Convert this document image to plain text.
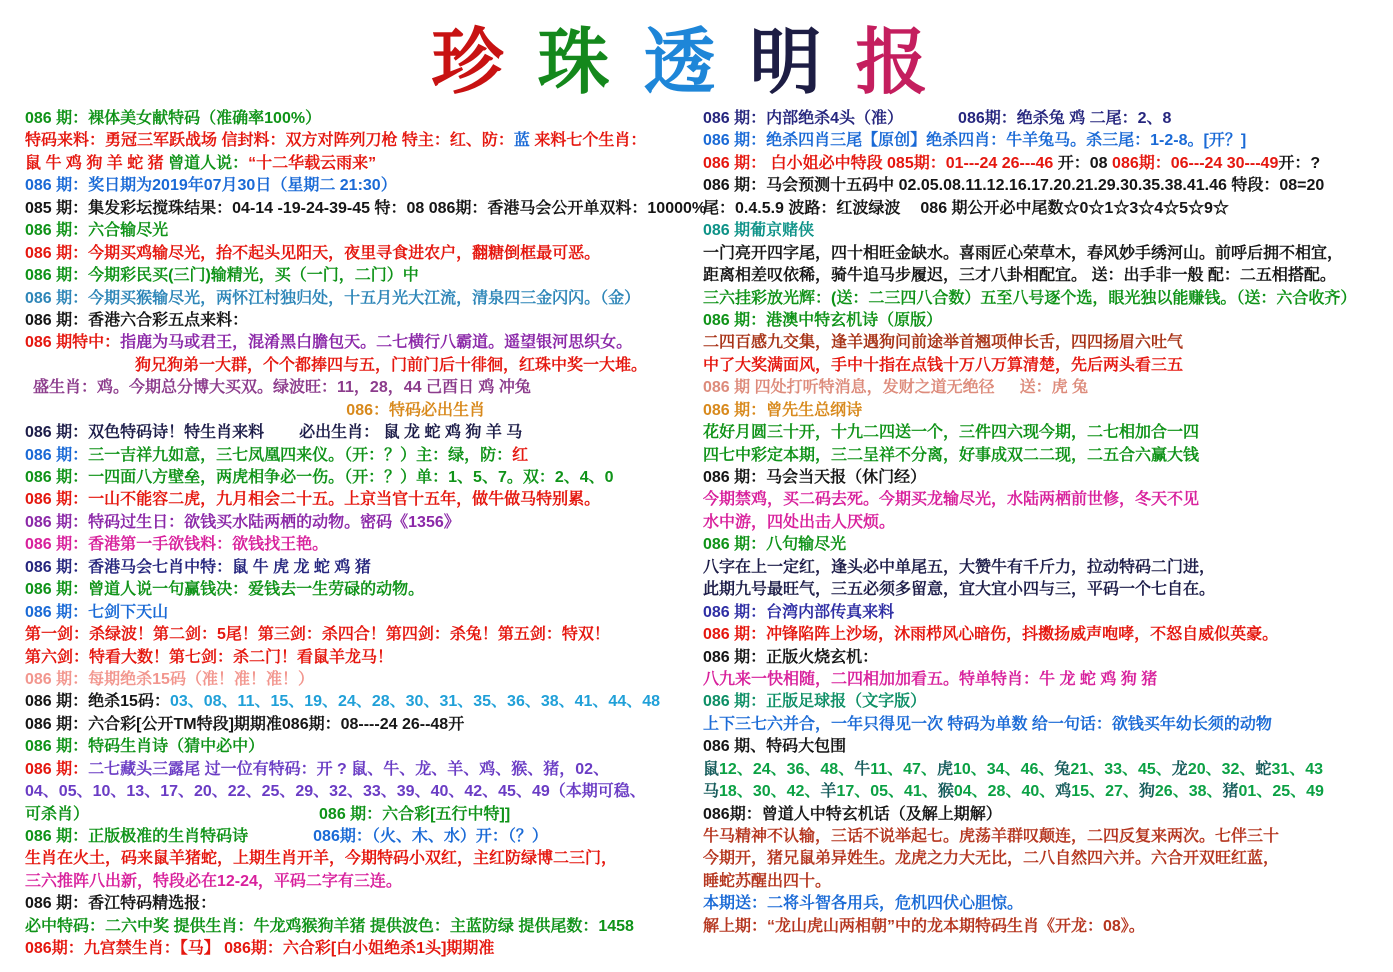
珍珠透明报
086 期：裸体美女献特码（准确率100%）
特码来料：勇冠三军跃战场 信封料：双方对阵列刀枪 特主：红、防：蓝 来料七个生肖：
鼠 牛 鸡 狗 羊 蛇 猪 曾道人说：“十二华载云雨来”
086 期：奖日期为2019年07月30日（星期二 21:30）
085 期：集发彩坛搅珠结果：04-14 -19-24-39-45 特：08 086期：香港马会公开单双料：10000%
086 期：六合输尽光
086 期：今期买鸡输尽光，抬不起头见阳天，夜里寻食进农户，翻糖倒框最可恶。
086 期：今期彩民买(三门)输精光，买（一门，二门）中
086 期：今期买猴输尽光，两怀江村独归处，十五月光大江流，清泉四三金闪闪。（金）
086 期：香港六合彩五点来料：
086 期特中：指鹿为马或君王，混淆黑白膽包天。二七横行八霸道。遥望银河思织女。
狗兄狗弟一大群，个个都捧四与五，门前门后十徘徊，红珠中奖一大堆。
盛生肖：鸡。今期总分博大买双。绿波旺：11，28，44 己酉日 鸡 冲兔
086：特码必出生肖
086 期：双色特码诗！特生肖来料 必出生肖： 鼠 龙 蛇 鸡 狗 羊 马
086 期：三一吉祥九如意，三七凤凰四来仪。（开：？）主：绿，防：红
086 期：一四面八方壁垒，两虎相争必一伤。（开：？）单：1、5、7。双：2、4、0
086 期：一山不能容二虎，九月相会二十五。上京当官十五年，做牛做马特别累。
086 期：特码过生日：欲钱买水陆两栖的动物。密码《1356》
086 期：香港第一手欲钱料：欲钱找王艳。
086 期：香港马会七肖中特：鼠 牛 虎 龙 蛇 鸡 猪
086 期：曾道人说一句赢钱决：爱钱去一生劳碌的动物。
086 期：七剑下天山
第一剑：杀绿波！第二剑：5尾！第三剑：杀四合！第四剑：杀兔！第五剑：特双！
第六剑：特看大数！第七剑：杀二门！看鼠羊龙马！
086 期：每期绝杀15码（准！准！准！）
086 期：绝杀15码：03、08、11、15、19、24、28、30、31、35、36、38、41、44、48
086 期：六合彩[公开TM特段]期期准086期：08----24 26--48开
086 期：特码生肖诗（猜中必中）
086 期：二七藏头三露尾 过一位有特码：开 ? 鼠、牛、龙、羊、鸡、猴、猪，02、
04、05、10、13、17、20、22、25、29、32、33、39、40、42、45、49（本期可稳、
可杀肖）	086 期：六合彩[五行中特]]
086 期：正版极准的生肖特码诗	086期：（火、木、水）开：（？）
生肖在火土，码来鼠羊猪蛇，上期生肖开羊，今期特码小双红，主红防绿博二三门，
三六推阵八出新，特段必在12-24，平码二字有三连。
086 期：香江特码精选报：
必中特码：二六中奖 提供生肖：牛龙鸡猴狗羊猪 提供波色：主蓝防绿 提供尾数：1458
086期：九宫禁生肖：【马】 086期：六合彩[白小姐绝杀1头]期期准
086 期：内部绝杀4头（准）	086期：绝杀兔 鸡 二尾：2、8
086 期：绝杀四肖三尾【原创】绝杀四肖：牛羊兔马。杀三尾：1-2-8。[开？]
086 期： 白小姐必中特段 085期：01---24 26---46 开：08 086期：06---24 30---49开：?
086 期：马会预测十五码中 02.05.08.11.12.16.17.20.21.29.30.35.38.41.46 特段：08=20
尾：0.4.5.9 波路：红波绿波 086 期公开必中尾数☆0☆1☆3☆4☆5☆9☆
086 期葡京赌侠
一门亮开四字尾，四十相旺金缺水。喜雨匠心荣草木，春风妙手绣河山。前呼后拥不相宜，
距离相差叹依稀，骑牛追马步履迟，三才八卦相配宜。 送：出手非一般 配：二五相搭配。
三六挂彩放光辉：(送：二三四八合数）五至八号逐个选，眼光独以能赚钱。（送：六合收齐）
086 期：港澳中特玄机诗（原版）
二四百感九交集，逢羊遇狗问前途举首翘项伸长舌，四四扬眉六吐气
中了大奖满面风，手中十指在点钱十万八万算清楚，先后两头看三五
086 期 四处打听特消息，发财之道无绝径 送：虎 兔
086 期：曾先生总纲诗
花好月圆三十开，十九二四送一个，三件四六现今期，二七相加合一四
四七中彩定本期，三二呈祥不分离，好事成双二二现，二五合六赢大钱
086 期：马会当天报（休门经）
今期禁鸡，买二码去死。今期买龙输尽光，水陆两栖前世修，冬天不见
水中游，四处出击人厌烦。
086 期：八句输尽光
八字在上一定红，逢头必中单尾五，大赞牛有千斤力，拉动特码二门进，
此期九号最旺气，三五必须多留意，宜大宜小四与三，平码一个七自在。
086 期：台湾内部传真来料
086 期：冲锋陷阵上沙场，沐雨栉风心暗伤，抖擞扬威声咆哮，不怒自威似英豪。
086 期：正版火烧玄机：
八九来一快相随，二四相加加看五。特单特肖：牛 龙 蛇 鸡 狗 猪
086 期：正版足球报（文字版）
上下三七六并合，一年只得见一次 特码为单数 给一句话：欲钱买年幼长须的动物
086 期、特码大包围
鼠12、24、36、48、牛11、47、虎10、34、46、兔21、33、45、龙20、32、蛇31、43
马18、30、42、羊17、05、41、猴04、28、40、鸡15、27、狗26、38、猪01、25、49
086期：曾道人中特玄机话（及解上期解）
牛马精神不认输，三话不说举起七。虎荡羊群叹颠连，二四反复来两次。七伴三十
今期开，猪兄鼠弟异姓生。龙虎之力大无比，二八自然四六并。六合开双旺红蓝，
睡蛇苏醒出四十。
本期送：二将斗智各用兵，危机四伏心胆惊。
解上期：“龙山虎山两相朝”中的龙本期特码生肖《开龙：08》。
